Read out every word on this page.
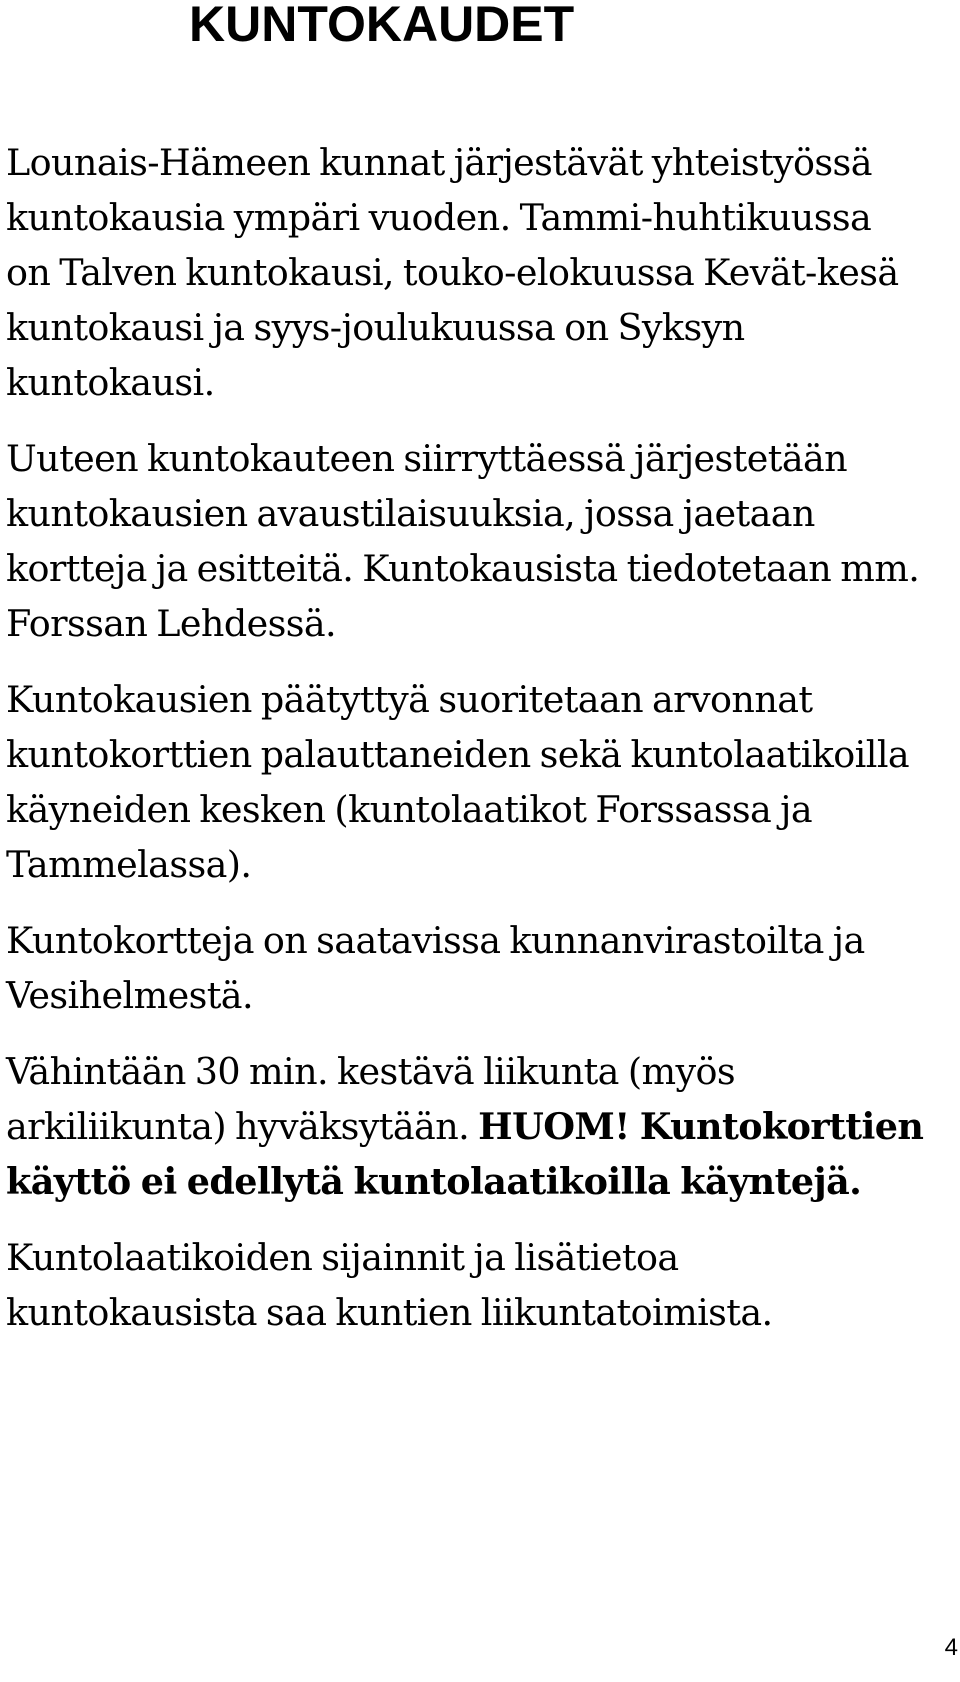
KUNTOKAUDET

Lounais-Hämeen kunnat järjestävät yhteistyössä
kuntokausia ympäri vuoden. Tammi-huhtikuussa
on Talven kuntokausi, touko-elokuussa Kevät-kesä
kuntokausi ja syys-joulukuussa on Syksyn
kuntokausi.

Uuteen kuntokauteen siirryttäessä järjestetään
kuntokausien avaustilaisuuksia, jossa jaetaan
kortteja ja esitteitä. Kuntokausista tiedotetaan mm.
Forssan Lehdessä.

Kuntokausien päätyttyä suoritetaan arvonnat
kuntokorttien palauttaneiden sekä kuntolaatikoilla
käyneiden kesken (kuntolaatikot Forssassa ja
Tammelassa).

Kuntokortteja on saatavissa kunnanvirastoilta ja
Vesihelmestä.

Vähintään 30 min. kestävä liikunta (myös
arkiliikunta) hyväksytään. HUOM! Kuntokorttien
käyttö ei edellytä kuntolaatikoilla käyntejä.

Kuntolaatikoiden sijainnit ja lisätietoa
kuntokausista saa kuntien liikuntatoimista.

4
